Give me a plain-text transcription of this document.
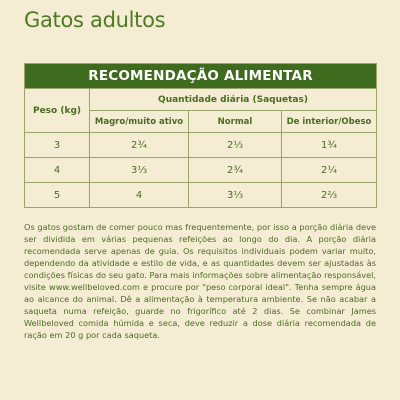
Gatos adultos
RECOMENDAÇÃO ALIMENTAR			
Peso (kg)	Quantidade diária (Saquetas)		
	Magro/muito ativo	Normal	De interior/Obeso
3	2¾	2⅓	1¾
4	3⅓	2¾	2¼
5	4	3⅓	2⅔

Os gatos gostam de comer pouco mas frequentemente, por isso a porção diária deve ser dividida em várias pequenas refeições ao longo do dia. A porção diária recomendada serve apenas de guia. Os requisitos individuais podem variar muito, dependendo da atividade e estilo de vida, e as quantidades devem ser ajustadas às condições físicas do seu gato. Para mais informações sobre alimentação responsável, visite www.wellbeloved.com e procure por "peso corporal ideal". Tenha sempre água ao alcance do animal. Dê a alimentação à temperatura ambiente. Se não acabar a saqueta numa refeição, guarde no frigorífico até 2 dias. Se combinar James Wellbeloved comida húmida e seca, deve reduzir a dose diária recomendada de ração em 20 g por cada saqueta.
